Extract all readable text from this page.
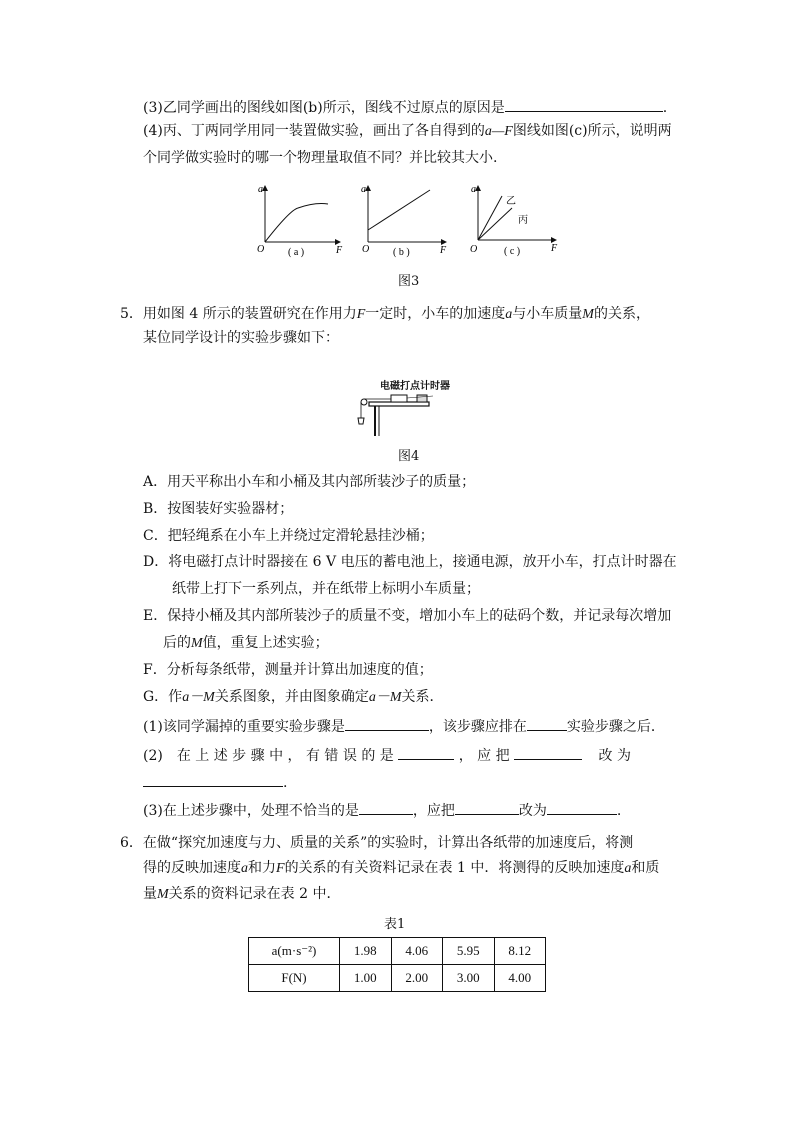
(3)乙同学画出的图线如图(b)所示，图线不过原点的原因是	.
(4)丙、丁两同学用同一装置做实验，画出了各自得到的a—F图线如图(c)所示，说明两
个同学做实验时的哪一个物理量取值不同？并比较其大小.
a
O	F
( a )
a
O	F
( b )
a
O	F
乙
丙
( c )
图3
5．用如图 4 所示的装置研究在作用力F一定时，小车的加速度a与小车质量M的关系，
某位同学设计的实验步骤如下：
电磁打点计时器
图4
A．用天平称出小车和小桶及其内部所装沙子的质量；
B．按图装好实验器材；
C．把轻绳系在小车上并绕过定滑轮悬挂沙桶；
D．将电磁打点计时器接在 6 V 电压的蓄电池上，接通电源，放开小车，打点计时器在
纸带上打下一系列点，并在纸带上标明小车质量；
E．保持小桶及其内部所装沙子的质量不变，增加小车上的砝码个数，并记录每次增加
后的M值，重复上述实验；
F．分析每条纸带，测量并计算出加速度的值；
G．作a－M关系图象，并由图象确定a－M关系．
(1)该同学漏掉的重要实验步骤是	，该步骤应排在	实验步骤之后．
(2)　在 上 述 步 骤 中 ， 有 错 误 的 是	， 应 把	改 为
.
(3)在上述步骤中，处理不恰当的是	，应把	改为	.
6．在做“探究加速度与力、质量的关系”的实验时，计算出各纸带的加速度后，将测
得的反映加速度a和力F的关系的有关资料记录在表 1 中．将测得的反映加速度a和质
量M关系的资料记录在表 2 中．
表1
a(m·s⁻²)	1.98	4.06	5.95	8.12
F(N)	1.00	2.00	3.00	4.00
